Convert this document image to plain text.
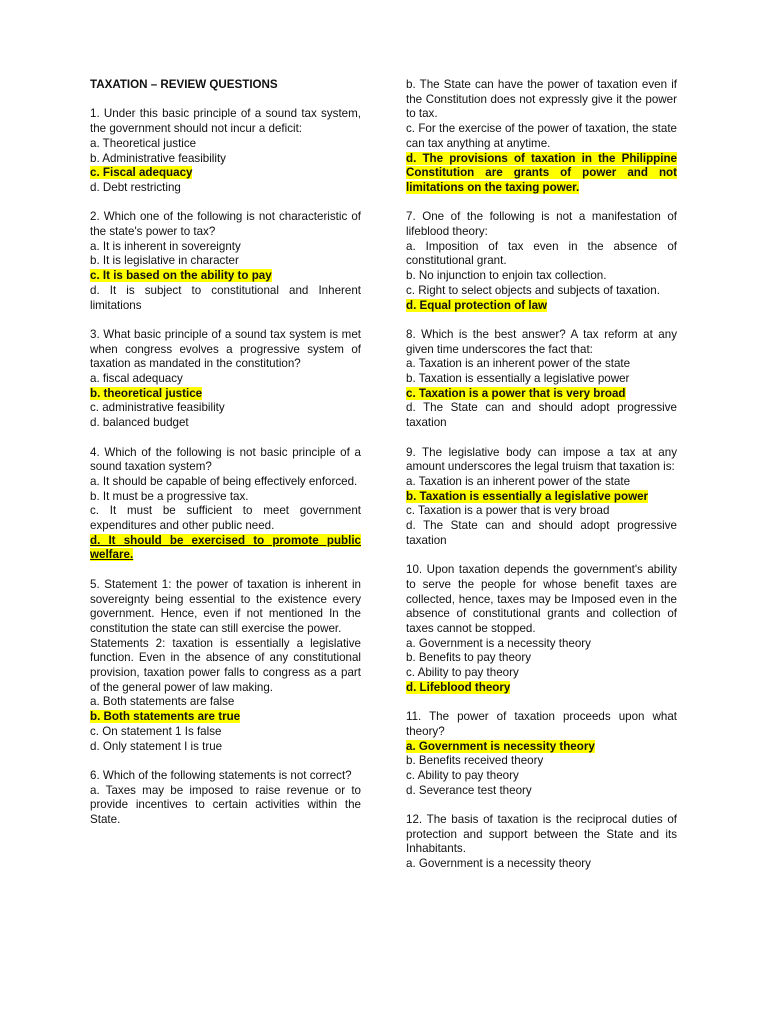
TAXATION – REVIEW QUESTIONS
1. Under this basic principle of a sound tax system, the government should not incur a deficit:
a. Theoretical justice
b. Administrative feasibility
c. Fiscal adequacy
d. Debt restricting
2. Which one of the following is not characteristic of the state's power to tax?
a. It is inherent in sovereignty
b. It is legislative in character
c. It is based on the ability to pay
d. It is subject to constitutional and Inherent limitations
3. What basic principle of a sound tax system is met when congress evolves a progressive system of taxation as mandated in the constitution?
a. fiscal adequacy
b. theoretical justice
c. administrative feasibility
d. balanced budget
4. Which of the following is not basic principle of a sound taxation system?
a. It should be capable of being effectively enforced.
b. It must be a progressive tax.
c. It must be sufficient to meet government expenditures and other public need.
d. It should be exercised to promote public welfare.
5. Statement 1: the power of taxation is inherent in sovereignty being essential to the existence every government. Hence, even if not mentioned In the constitution the state can still exercise the power.
Statements 2: taxation is essentially a legislative function. Even in the absence of any constitutional provision, taxation power falls to congress as a part of the general power of law making.
a. Both statements are false
b. Both statements are true
c. On statement 1 Is false
d. Only statement I is true
6. Which of the following statements is not correct?
a. Taxes may be imposed to raise revenue or to provide incentives to certain activities within the State.
b. The State can have the power of taxation even if the Constitution does not expressly give it the power to tax.
c. For the exercise of the power of taxation, the state can tax anything at anytime.
d. The provisions of taxation in the Philippine Constitution are grants of power and not limitations on the taxing power.
7. One of the following is not a manifestation of lifeblood theory:
a. Imposition of tax even in the absence of constitutional grant.
b. No injunction to enjoin tax collection.
c. Right to select objects and subjects of taxation.
d. Equal protection of law
8. Which is the best answer? A tax reform at any given time underscores the fact that:
a. Taxation is an inherent power of the state
b. Taxation is essentially a legislative power
c. Taxation is a power that is very broad
d. The State can and should adopt progressive taxation
9. The legislative body can impose a tax at any amount underscores the legal truism that taxation is:
a. Taxation is an inherent power of the state
b. Taxation is essentially a legislative power
c. Taxation is a power that is very broad
d. The State can and should adopt progressive taxation
10. Upon taxation depends the government's ability to serve the people for whose benefit taxes are collected, hence, taxes may be Imposed even in the absence of constitutional grants and collection of taxes cannot be stopped.
a. Government is a necessity theory
b. Benefits to pay theory
c. Ability to pay theory
d. Lifeblood theory
11. The power of taxation proceeds upon what theory?
a. Government is necessity theory
b. Benefits received theory
c. Ability to pay theory
d. Severance test theory
12. The basis of taxation is the reciprocal duties of protection and support between the State and its Inhabitants.
a. Government is a necessity theory
